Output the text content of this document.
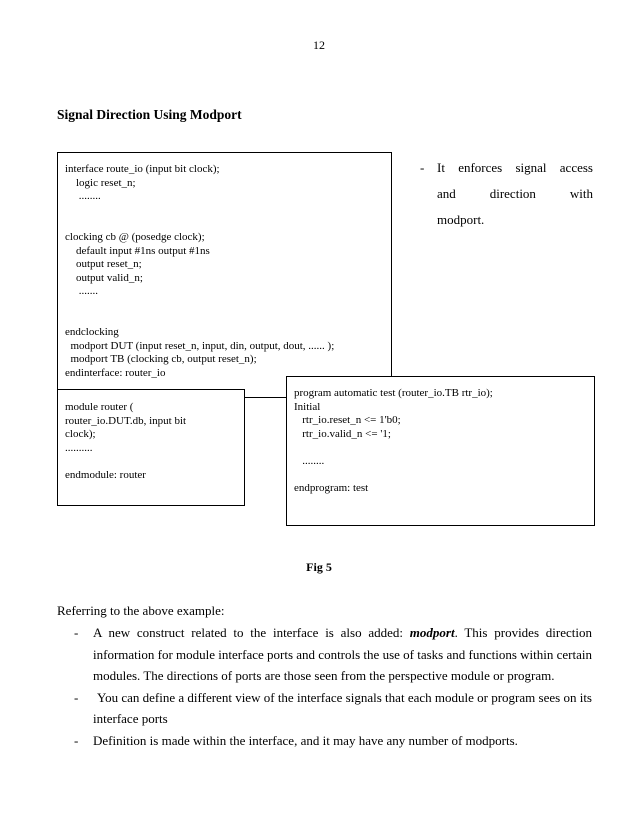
12
Signal Direction Using Modport
interface route_io (input bit clock);
logic reset_n;
........
clocking cb @ (posedge clock);
default input #1ns output #1ns
output reset_n;
output valid_n;
.......
endclocking
modport DUT (input reset_n, input, din, output, dout, ...... );
modport TB (clocking cb, output reset_n);
endinterface: router_io
module router (
router_io.DUT.db, input bit
clock);
..........
endmodule: router
program automatic test (router_io.TB rtr_io);
Initial
rtr_io.reset_n <= 1'b0;
rtr_io.valid_n <= '1;
........
endprogram: test
- It enforces signal access
and direction with
modport.
Fig 5
Referring to the above example:
- A new construct related to the interface is also added: modport. This provides direction
information for module interface ports and controls the use of tasks and functions within certain
modules. The directions of ports are those seen from the perspective module or program.
-	You can define a different view of the interface signals that each module or program sees on its
interface ports
- Definition is made within the interface, and it may have any number of modports.
